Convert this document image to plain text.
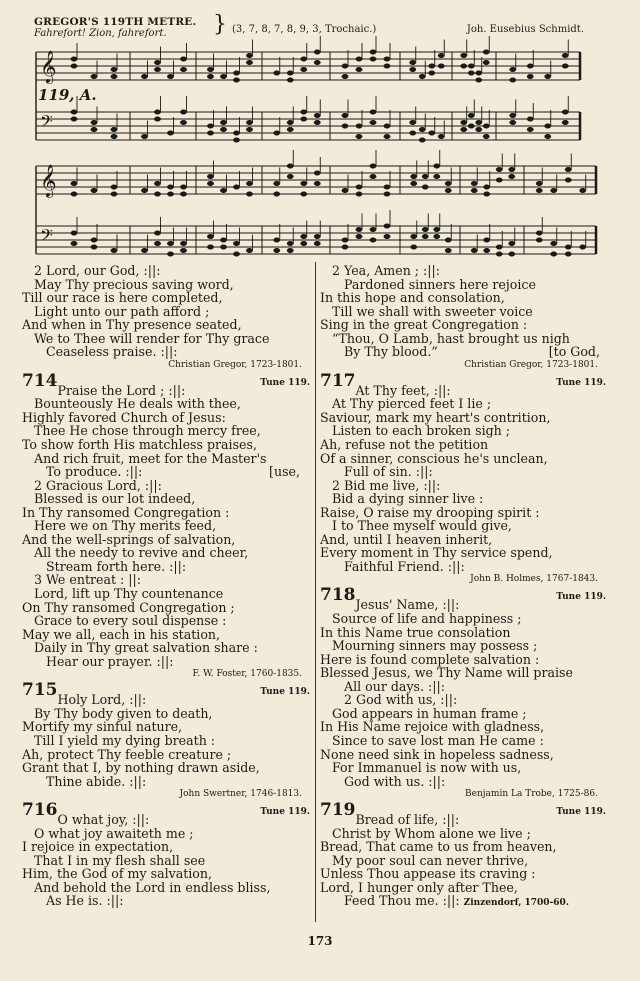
GREGOR'S 119TH METRE.
Fahrefort! Zion, fahrefort. } (3, 7, 8, 7, 8, 9, 3, Trochaic.)	Joh. Eusebius Schmidt.
119, A.
𝄞
𝄢
𝄞
𝄢
2 Lord, our God, :||:
May Thy precious saving word,
Till our race is here completed,
Light unto our path afford ;
And when in Thy presence seated,
We to Thee will render for Thy grace
Ceaseless praise. :||:
Christian Gregor, 1723-1801.
714	Tune 119.
Praise the Lord ; :||:
Bounteously He deals with thee,
Highly favored Church of Jesus:
Thee He chose through mercy free,
To show forth His matchless praises,
And rich fruit, meet for the Master's
To produce. :||:	[use,
2 Gracious Lord, :||:
Blessed is our lot indeed,
In Thy ransomed Congregation :
Here we on Thy merits feed,
And the well-springs of salvation,
All the needy to revive and cheer,
Stream forth here. :||:
3 We entreat : ||:
Lord, lift up Thy countenance
On Thy ransomed Congregation ;
Grace to every soul dispense :
May we all, each in his station,
Daily in Thy great salvation share :
Hear our prayer. :||:
F. W. Foster, 1760-1835.
715	Tune 119.
Holy Lord, :||:
By Thy body given to death,
Mortify my sinful nature,
Till I yield my dying breath :
Ah, protect Thy feeble creature ;
Grant that I, by nothing drawn aside,
Thine abide. :||:
John Swertner, 1746-1813.
716	Tune 119.
O what joy, :||:
O what joy awaiteth me ;
I rejoice in expectation,
That I in my flesh shall see
Him, the God of my salvation,
And behold the Lord in endless bliss,
As He is. :||:
2 Yea, Amen ; :||:
Pardoned sinners here rejoice
In this hope and consolation,
Till we shall with sweeter voice
Sing in the great Congregation :
“Thou, O Lamb, hast brought us nigh
By Thy blood.”	[to God,
Christian Gregor, 1723-1801.
717	Tune 119.
At Thy feet, :||:
At Thy pierced feet I lie ;
Saviour, mark my heart's contrition,
Listen to each broken sigh ;
Ah, refuse not the petition
Of a sinner, conscious he's unclean,
Full of sin. :||:
2 Bid me live, :||:
Bid a dying sinner live :
Raise, O raise my drooping spirit :
I to Thee myself would give,
And, until I heaven inherit,
Every moment in Thy service spend,
Faithful Friend. :||:
John B. Holmes, 1767-1843.
718	Tune 119.
Jesus' Name, :||:
Source of life and happiness ;
In this Name true consolation
Mourning sinners may possess ;
Here is found complete salvation :
Blessed Jesus, we Thy Name will praise
All our days. :||:
2 God with us, :||:
God appears in human frame ;
In His Name rejoice with gladness,
Since to save lost man He came :
None need sink in hopeless sadness,
For Immanuel is now with us,
God with us. :||:
Benjamin La Trobe, 1725-86.
719	Tune 119.
Bread of life, :||:
Christ by Whom alone we live ;
Bread, That came to us from heaven,
My poor soul can never thrive,
Unless Thou appease its craving :
Lord, I hunger only after Thee,
Feed Thou me. :||: Zinzendorf, 1700-60.
173
